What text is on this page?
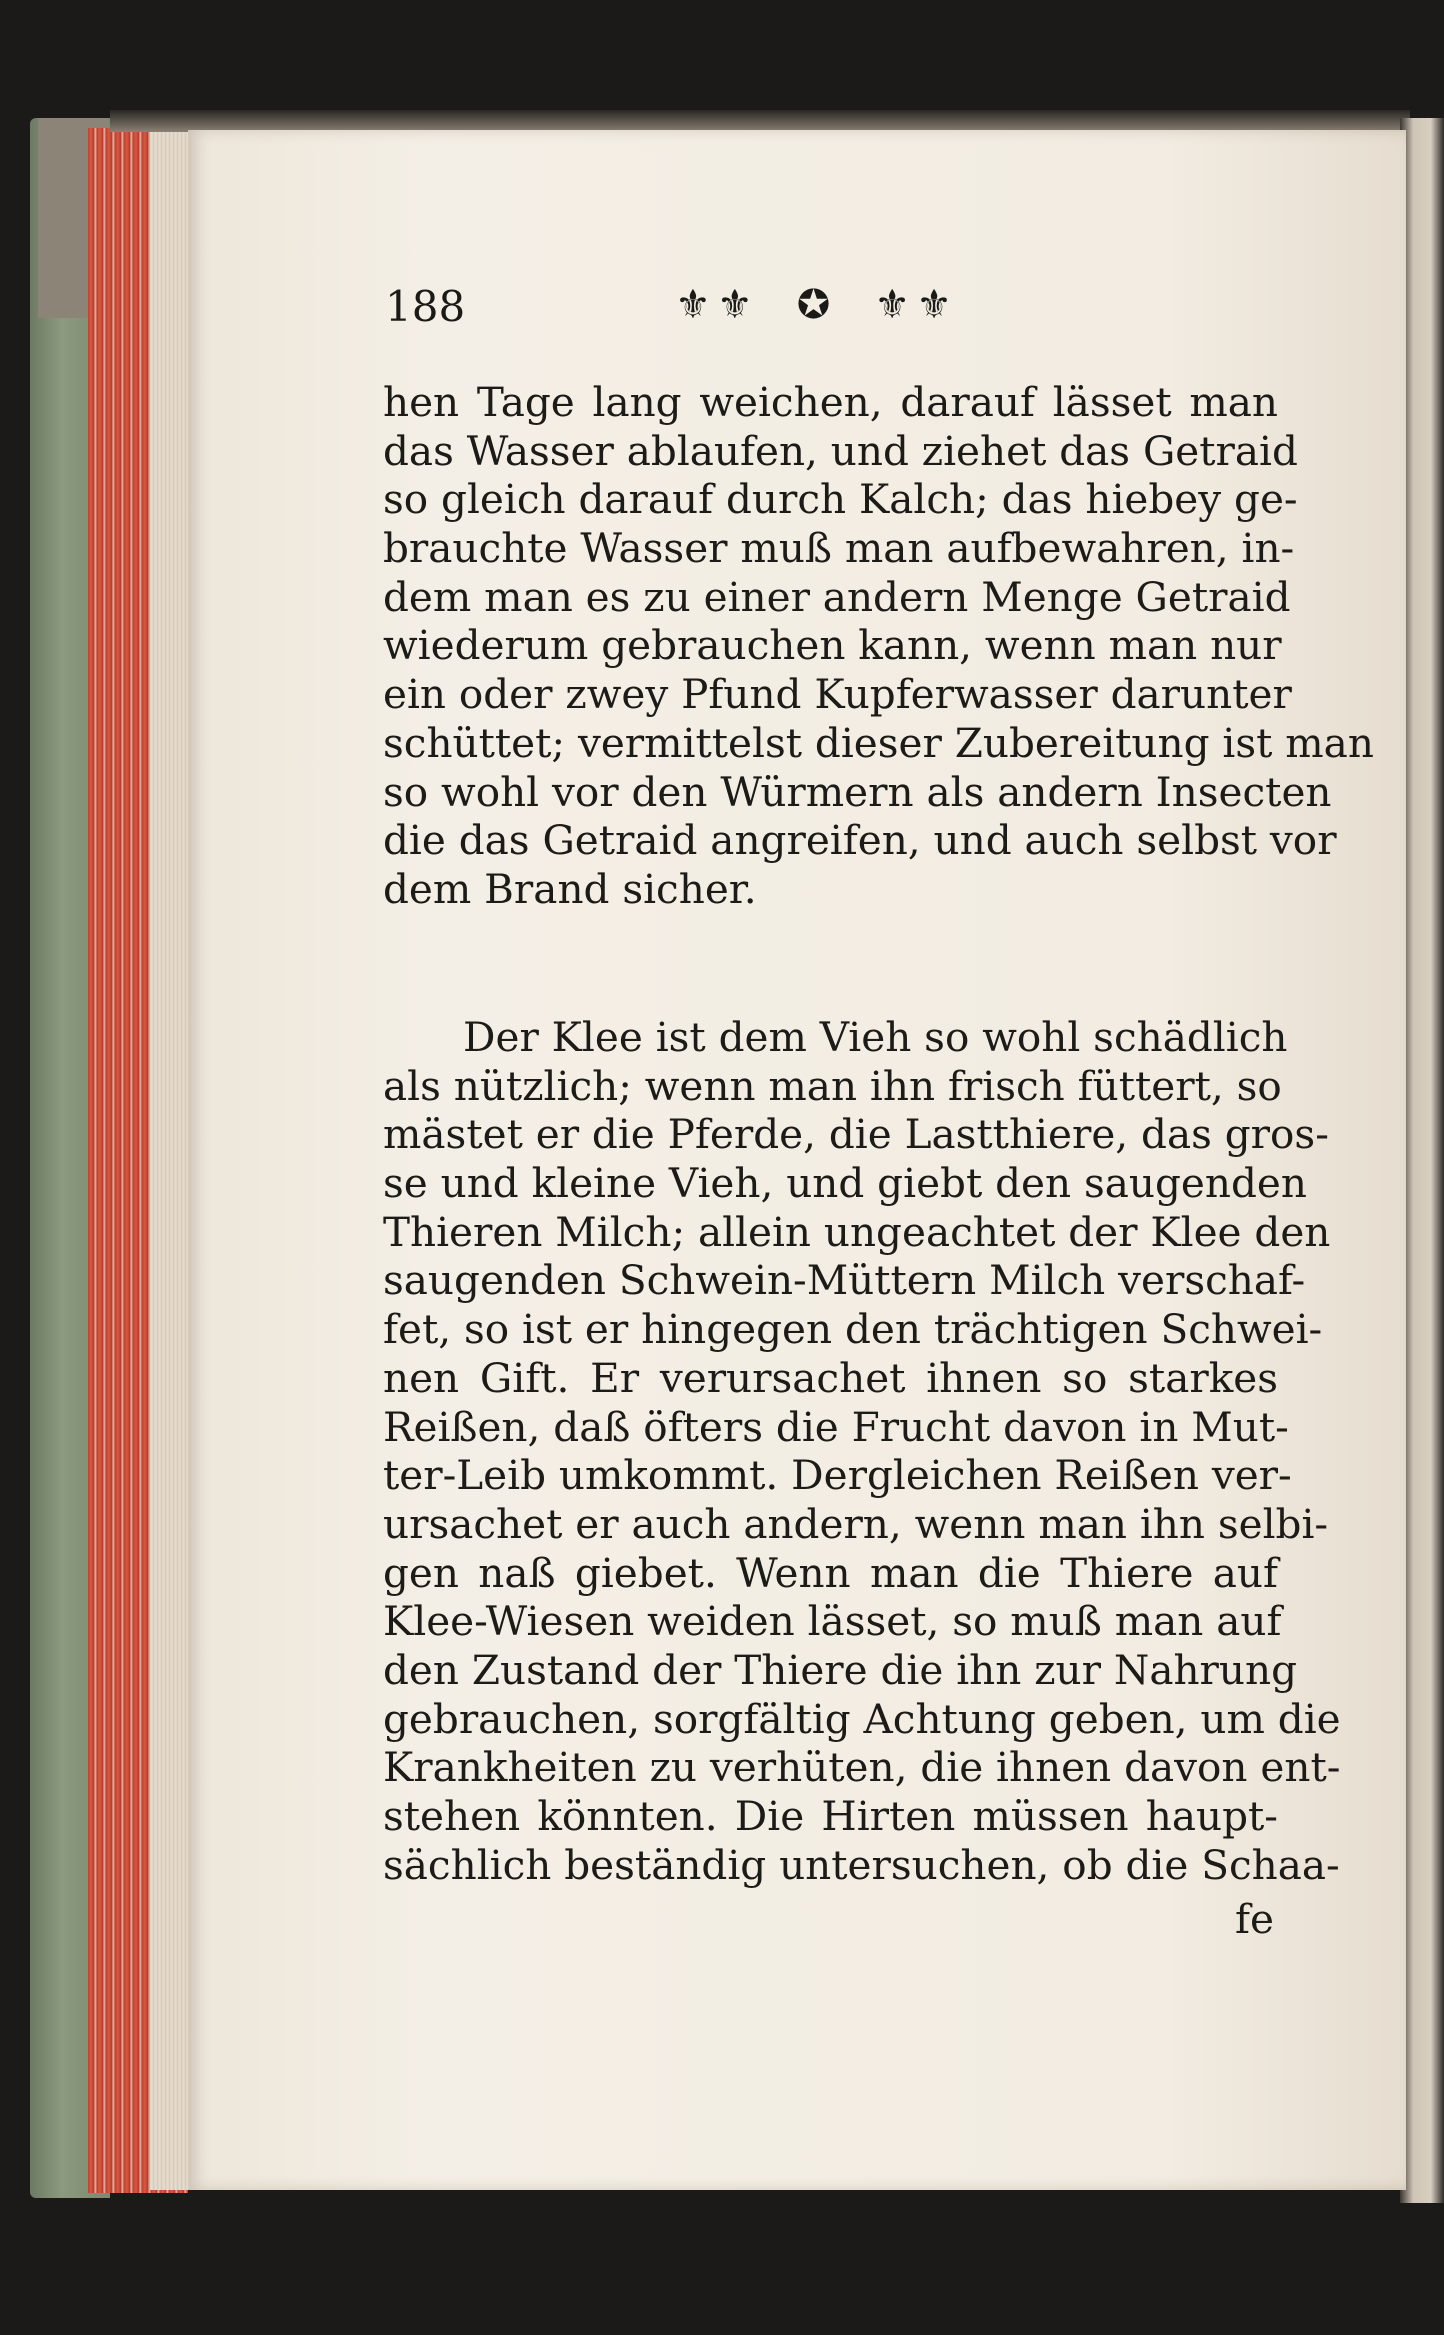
188	⚜⚜ ✪ ⚜⚜
hen Tage lang weichen, darauf lässet man
das Wasser ablaufen, und ziehet das Getraid
so gleich darauf durch Kalch; das hiebey ge-
brauchte Wasser muß man aufbewahren, in-
dem man es zu einer andern Menge Getraid
wiederum gebrauchen kann, wenn man nur
ein oder zwey Pfund Kupferwasser darunter
schüttet; vermittelst dieser Zubereitung ist man
so wohl vor den Würmern als andern Insecten
die das Getraid angreifen, und auch selbst vor
dem Brand sicher.
Der Klee ist dem Vieh so wohl schädlich
als nützlich; wenn man ihn frisch füttert, so
mästet er die Pferde, die Lastthiere, das gros-
se und kleine Vieh, und giebt den saugenden
Thieren Milch; allein ungeachtet der Klee den
saugenden Schwein-Müttern Milch verschaf-
fet, so ist er hingegen den trächtigen Schwei-
nen Gift. Er verursachet ihnen so starkes
Reißen, daß öfters die Frucht davon in Mut-
ter-Leib umkommt. Dergleichen Reißen ver-
ursachet er auch andern, wenn man ihn selbi-
gen naß giebet. Wenn man die Thiere auf
Klee-Wiesen weiden lässet, so muß man auf
den Zustand der Thiere die ihn zur Nahrung
gebrauchen, sorgfältig Achtung geben, um die
Krankheiten zu verhüten, die ihnen davon ent-
stehen könnten. Die Hirten müssen haupt-
sächlich beständig untersuchen, ob die Schaa-
fe
